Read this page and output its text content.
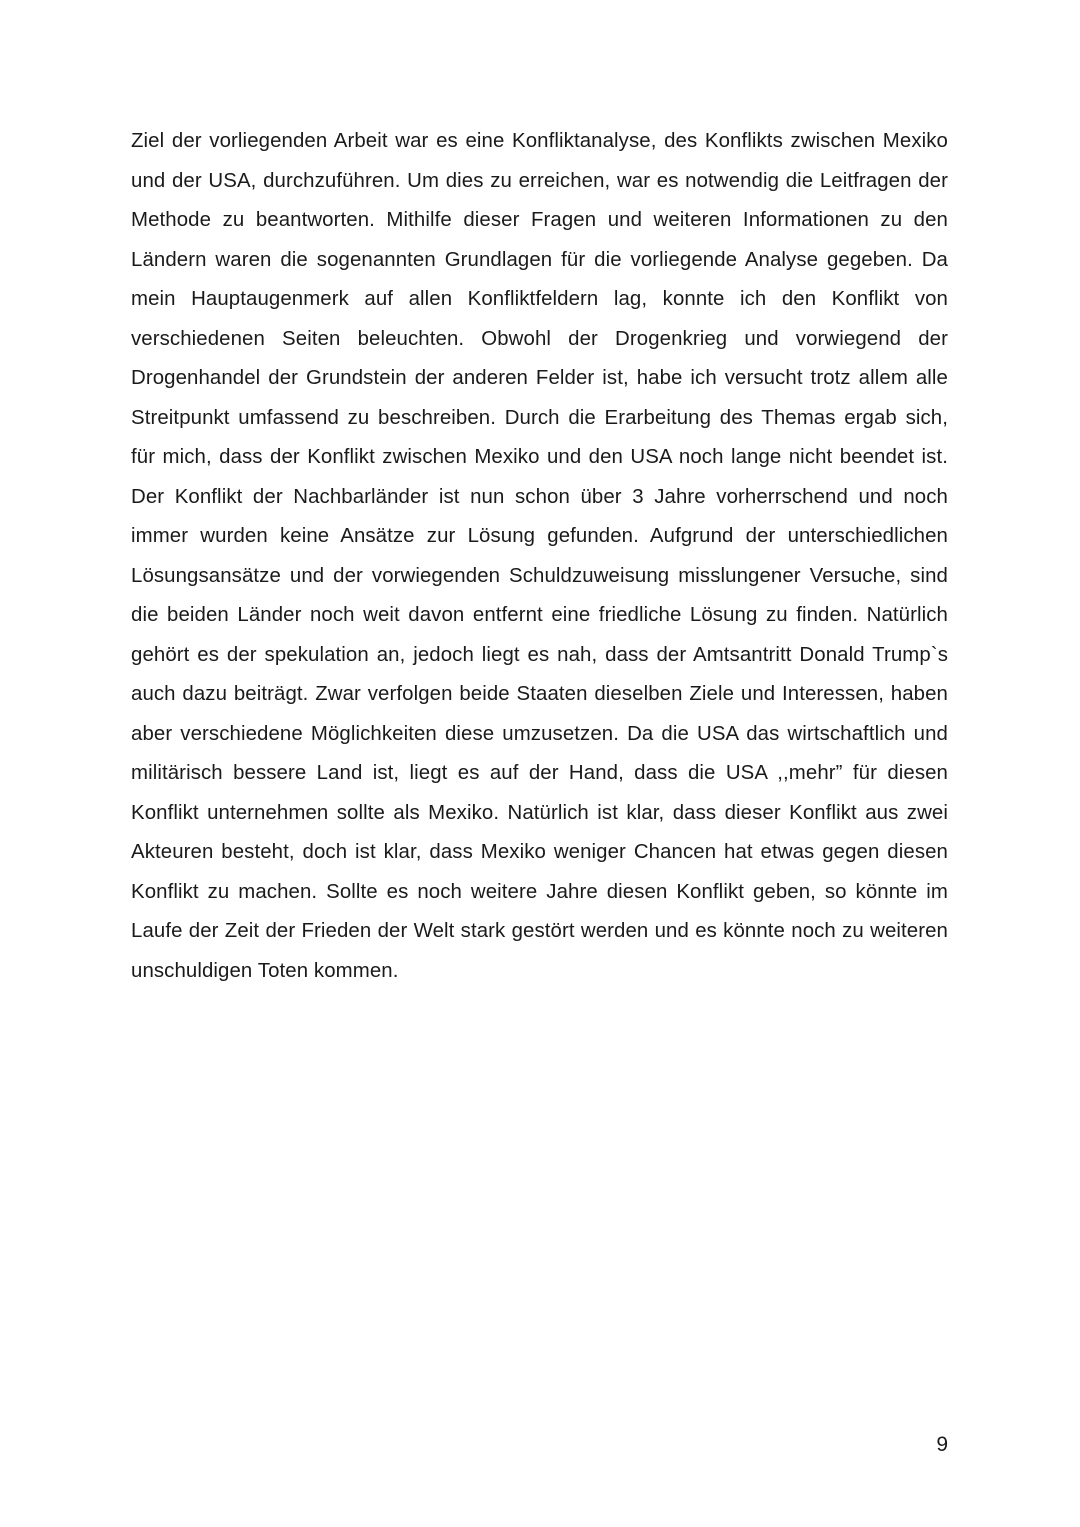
Ziel der vorliegenden Arbeit war es eine Konfliktanalyse, des Konflikts zwischen Mexiko und der USA, durchzuführen. Um dies zu erreichen, war es notwendig die Leitfragen der Methode zu beantworten. Mithilfe dieser Fragen und weiteren Informationen zu den Ländern waren die sogenannten Grundlagen für die vorliegende Analyse gegeben. Da mein Hauptaugenmerk auf allen Konfliktfeldern lag, konnte ich den Konflikt von verschiedenen Seiten beleuchten. Obwohl der Drogenkrieg und vorwiegend der Drogenhandel der Grundstein der anderen Felder ist, habe ich versucht trotz allem alle Streitpunkt umfassend zu beschreiben. Durch die Erarbeitung des Themas ergab sich, für mich, dass der Konflikt zwischen Mexiko und den USA noch lange nicht beendet ist. Der Konflikt der Nachbarländer ist nun schon über 3 Jahre vorherrschend und noch immer wurden keine Ansätze zur Lösung gefunden. Aufgrund der unterschiedlichen Lösungsansätze und der vorwiegenden Schuldzuweisung misslungener Versuche, sind die beiden Länder noch weit davon entfernt eine friedliche Lösung zu finden. Natürlich gehört es der spekulation an, jedoch liegt es nah, dass der Amtsantritt Donald Trump`s auch dazu beiträgt. Zwar verfolgen beide Staaten dieselben Ziele und Interessen, haben aber verschiedene Möglichkeiten diese umzusetzen. Da die USA das wirtschaftlich und militärisch bessere Land ist, liegt es auf der Hand, dass die USA ,,mehr” für diesen Konflikt unternehmen sollte als Mexiko. Natürlich ist klar, dass dieser Konflikt aus zwei Akteuren besteht, doch ist klar, dass Mexiko weniger Chancen hat etwas gegen diesen Konflikt zu machen. Sollte es noch weitere Jahre diesen Konflikt geben, so könnte im Laufe der Zeit der Frieden der Welt stark gestört werden und es könnte noch zu weiteren unschuldigen Toten kommen.

9
